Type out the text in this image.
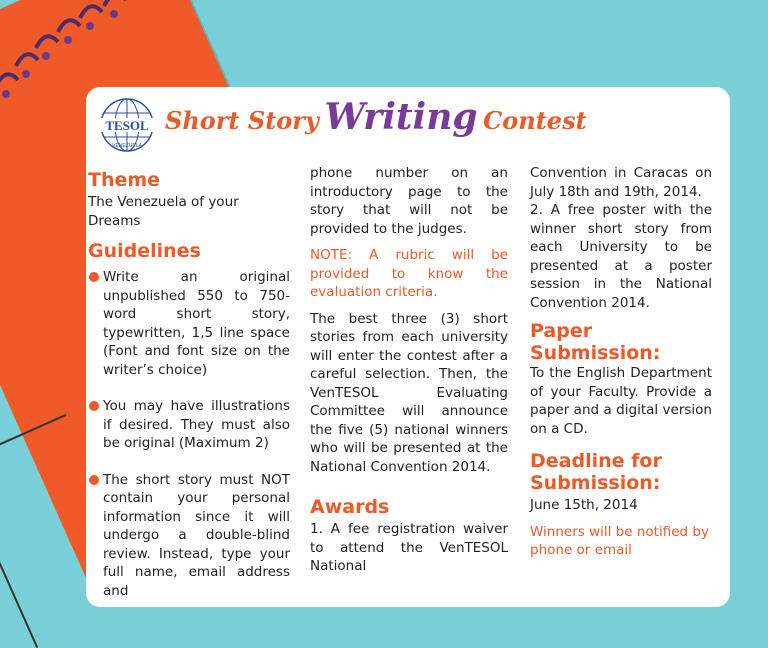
TESOL
VENEZUELA
Short Story Writing Contest

Theme

The Venezuela of your Dreams

Guidelines

Write an original unpublished 550 to 750-word short story, typewritten, 1,5 line space (Font and font size on the writer’s choice)
You may have illustrations if desired. They must also be original (Maximum 2)
The short story must NOT contain your personal information since it will undergo a double-blind review. Instead, type your full name, email address and

phone number on an introductory page to the story that will not be provided to the judges.

NOTE: A rubric will be provided to know the evaluation criteria.

The best three (3) short stories from each university will enter the contest after a careful selection. Then, the VenTESOL Evaluating Committee will announce the five (5) national winners who will be presented at the National Convention 2014.

Awards

1. A fee registration waiver to attend the VenTESOL National

Convention in Caracas on July 18th and 19th, 2014.

2. A free poster with the winner short story from each University to be presented at a poster session in the National Convention 2014.

Paper Submission:

To the English Department of your Faculty. Provide a paper and a digital version on a CD.

Deadline for

Submission:

June 15th, 2014

Winners will be notified by phone or email
